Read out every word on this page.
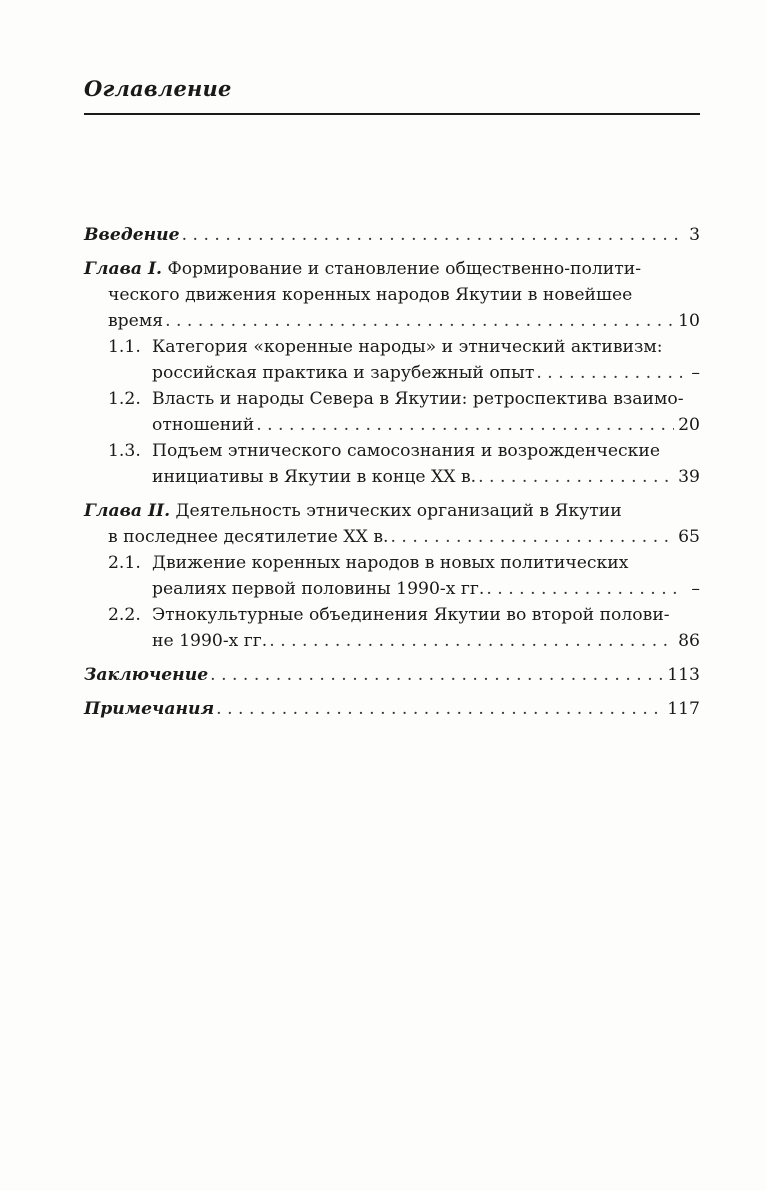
Оглавление
Введение . . .	3
Глава I. Формирование и становление общественно-полити-
ческого движения коренных народов Якутии в новейшее
время . . .	10
1.1. Категория «коренные народы» и этнический активизм:
российская практика и зарубежный опыт . . .	–
1.2. Власть и народы Севера в Якутии: ретроспектива взаимо-
отношений . . .	20
1.3. Подъем этнического самосознания и возрожденческие
инициативы в Якутии в конце XX в. . . .	39
Глава II. Деятельность этнических организаций в Якутии
в последнее десятилетие XX в. . . .	65
2.1. Движение коренных народов в новых политических
реалиях первой половины 1990-х гг. . . .	–
2.2. Этнокультурные объединения Якутии во второй полови-
не 1990-х гг. . . .	86
Заключение . . .	113
Примечания . . .	117
